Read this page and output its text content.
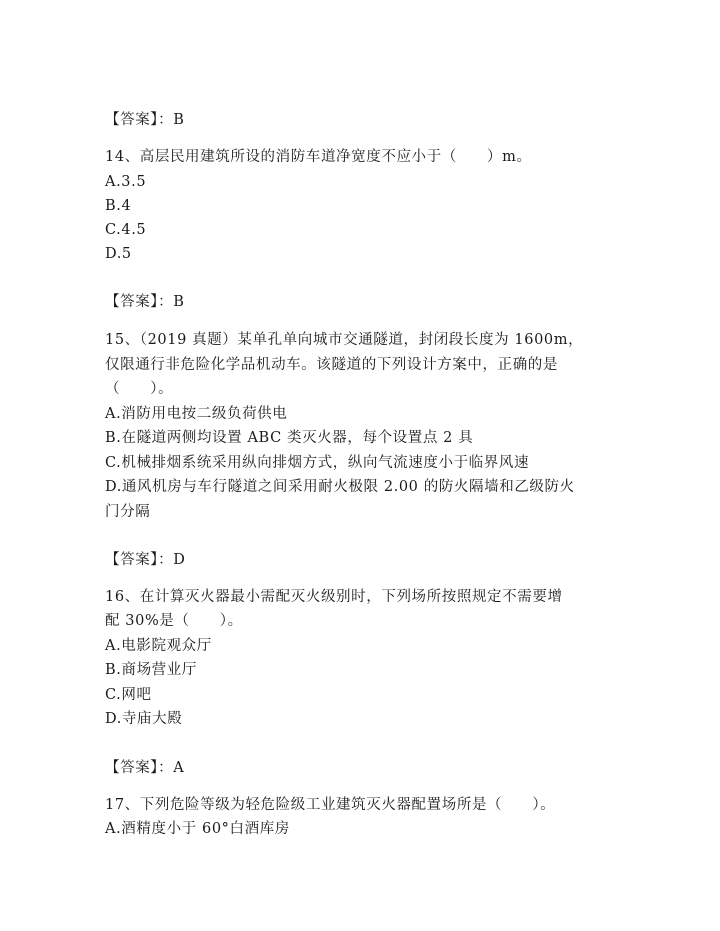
【答案】：B
14、高层民用建筑所设的消防车道净宽度不应小于（　　）m。
A.3.5
B.4
C.4.5
D.5
【答案】：B
15、（2019 真题）某单孔单向城市交通隧道，封闭段长度为 1600m，
仅限通行非危险化学品机动车。该隧道的下列设计方案中，正确的是
（　　）。
A.消防用电按二级负荷供电
B.在隧道两侧均设置 ABC 类灭火器，每个设置点 2 具
C.机械排烟系统采用纵向排烟方式，纵向气流速度小于临界风速
D.通风机房与车行隧道之间采用耐火极限 2.00 的防火隔墙和乙级防火
门分隔
【答案】：D
16、在计算灭火器最小需配灭火级别时，下列场所按照规定不需要增
配 30%是（　　）。
A.电影院观众厅
B.商场营业厅
C.网吧
D.寺庙大殿
【答案】：A
17、下列危险等级为轻危险级工业建筑灭火器配置场所是（　　）。
A.酒精度小于 60°白酒库房
